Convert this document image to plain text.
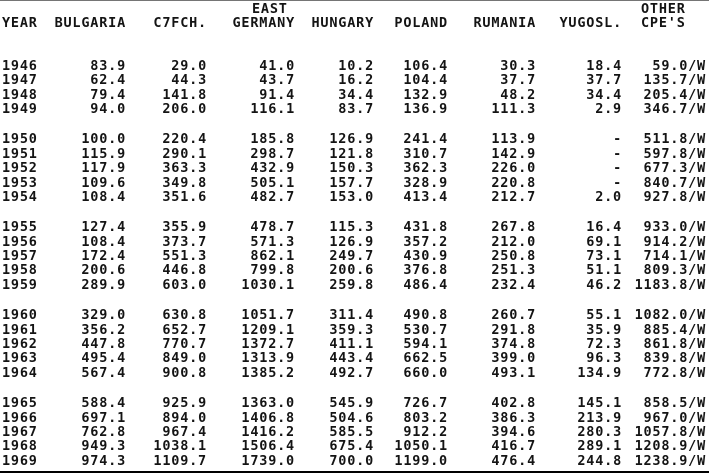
EAST	OTHER
YEAR	BULGARIA	C7FCH.	GERMANY	HUNGARY	POLAND	RUMANIA	YUGOSL.	CPE'S
1946	83.9	29.0	41.0	10.2	106.4	30.3	18.4	59.0/W
1947	62.4	44.3	43.7	16.2	104.4	37.7	37.7	135.7/W
1948	79.4	141.8	91.4	34.4	132.9	48.2	34.4	205.4/W
1949	94.0	206.0	116.1	83.7	136.9	111.3	2.9	346.7/W
1950	100.0	220.4	185.8	126.9	241.4	113.9	-	511.8/W
1951	115.9	290.1	298.7	121.8	310.7	142.9	-	597.8/W
1952	117.9	363.3	432.9	150.3	362.3	226.0	-	677.3/W
1953	109.6	349.8	505.1	157.7	328.9	220.8	-	840.7/W
1954	108.4	351.6	482.7	153.0	413.4	212.7	2.0	927.8/W
1955	127.4	355.9	478.7	115.3	431.8	267.8	16.4	933.0/W
1956	108.4	373.7	571.3	126.9	357.2	212.0	69.1	914.2/W
1957	172.4	551.3	862.1	249.7	430.9	250.8	73.1	714.1/W
1958	200.6	446.8	799.8	200.6	376.8	251.3	51.1	809.3/W
1959	289.9	603.0	1030.1	259.8	486.4	232.4	46.2 1183.8/W
1960	329.0	630.8	1051.7	311.4	490.8	260.7	55.1 1082.0/W
1961	356.2	652.7	1209.1	359.3	530.7	291.8	35.9	885.4/W
1962	447.8	770.7	1372.7	411.1	594.1	374.8	72.3	861.8/W
1963	495.4	849.0	1313.9	443.4	662.5	399.0	96.3	839.8/W
1964	567.4	900.8	1385.2	492.7	660.0	493.1	134.9	772.8/W
1965	588.4	925.9	1363.0	545.9	726.7	402.8	145.1	858.5/W
1966	697.1	894.0	1406.8	504.6	803.2	386.3	213.9	967.0/W
1967	762.8	967.4	1416.2	585.5	912.2	394.6	280.3 1057.8/W
1968	949.3	1038.1	1506.4	675.4	1050.1	416.7	289.1 1208.9/W
1969	974.3	1109.7	1739.0	700.0	1199.0	476.4	244.8 1238.9/W
